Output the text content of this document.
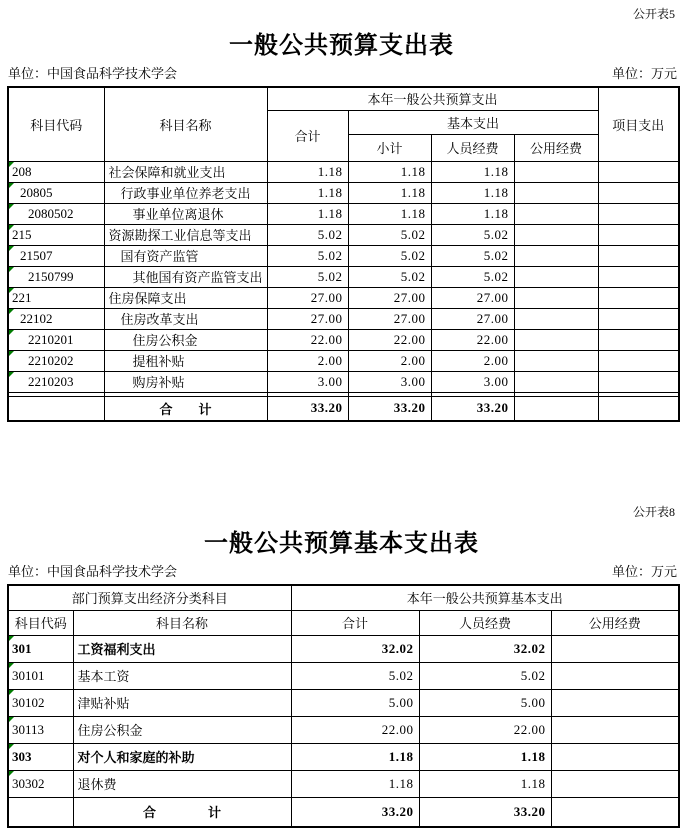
公开表5
一般公共预算支出表
单位：中国食品科学技术学会	单位：万元
科目代码	科目名称	本年一般公共预算支出				项目支出
		合计	基本支出			
			小计	人员经费	公用经费	

208	社会保障和就业支出	1.18	1.18	1.18		

20805	行政事业单位养老支出	1.18	1.18	1.18		

2080502	事业单位离退休	1.18	1.18	1.18		

215	资源勘探工业信息等支出	5.02	5.02	5.02		

21507	国有资产监管	5.02	5.02	5.02		

2150799	其他国有资产监管支出	5.02	5.02	5.02		

221	住房保障支出	27.00	27.00	27.00		

22102	住房改革支出	27.00	27.00	27.00		

2210201	住房公积金	22.00	22.00	22.00		

2210202	提租补贴	2.00	2.00	2.00		

2210203	购房补贴	3.00	3.00	3.00		

	合　　计	33.20	33.20	33.20		
公开表8
一般公共预算基本支出表
单位：中国食品科学技术学会	单位：万元
部门预算支出经济分类科目		本年一般公共预算基本支出		
科目代码	科目名称	合计	人员经费	公用经费

301	工资福利支出	32.02	32.02	

30101	基本工资	5.02	5.02	

30102	津贴补贴	5.00	5.00	

30113	住房公积金	22.00	22.00	

303	对个人和家庭的补助	1.18	1.18	

30302	退休费	1.18	1.18	
	合　　　　计	33.20	33.20	
